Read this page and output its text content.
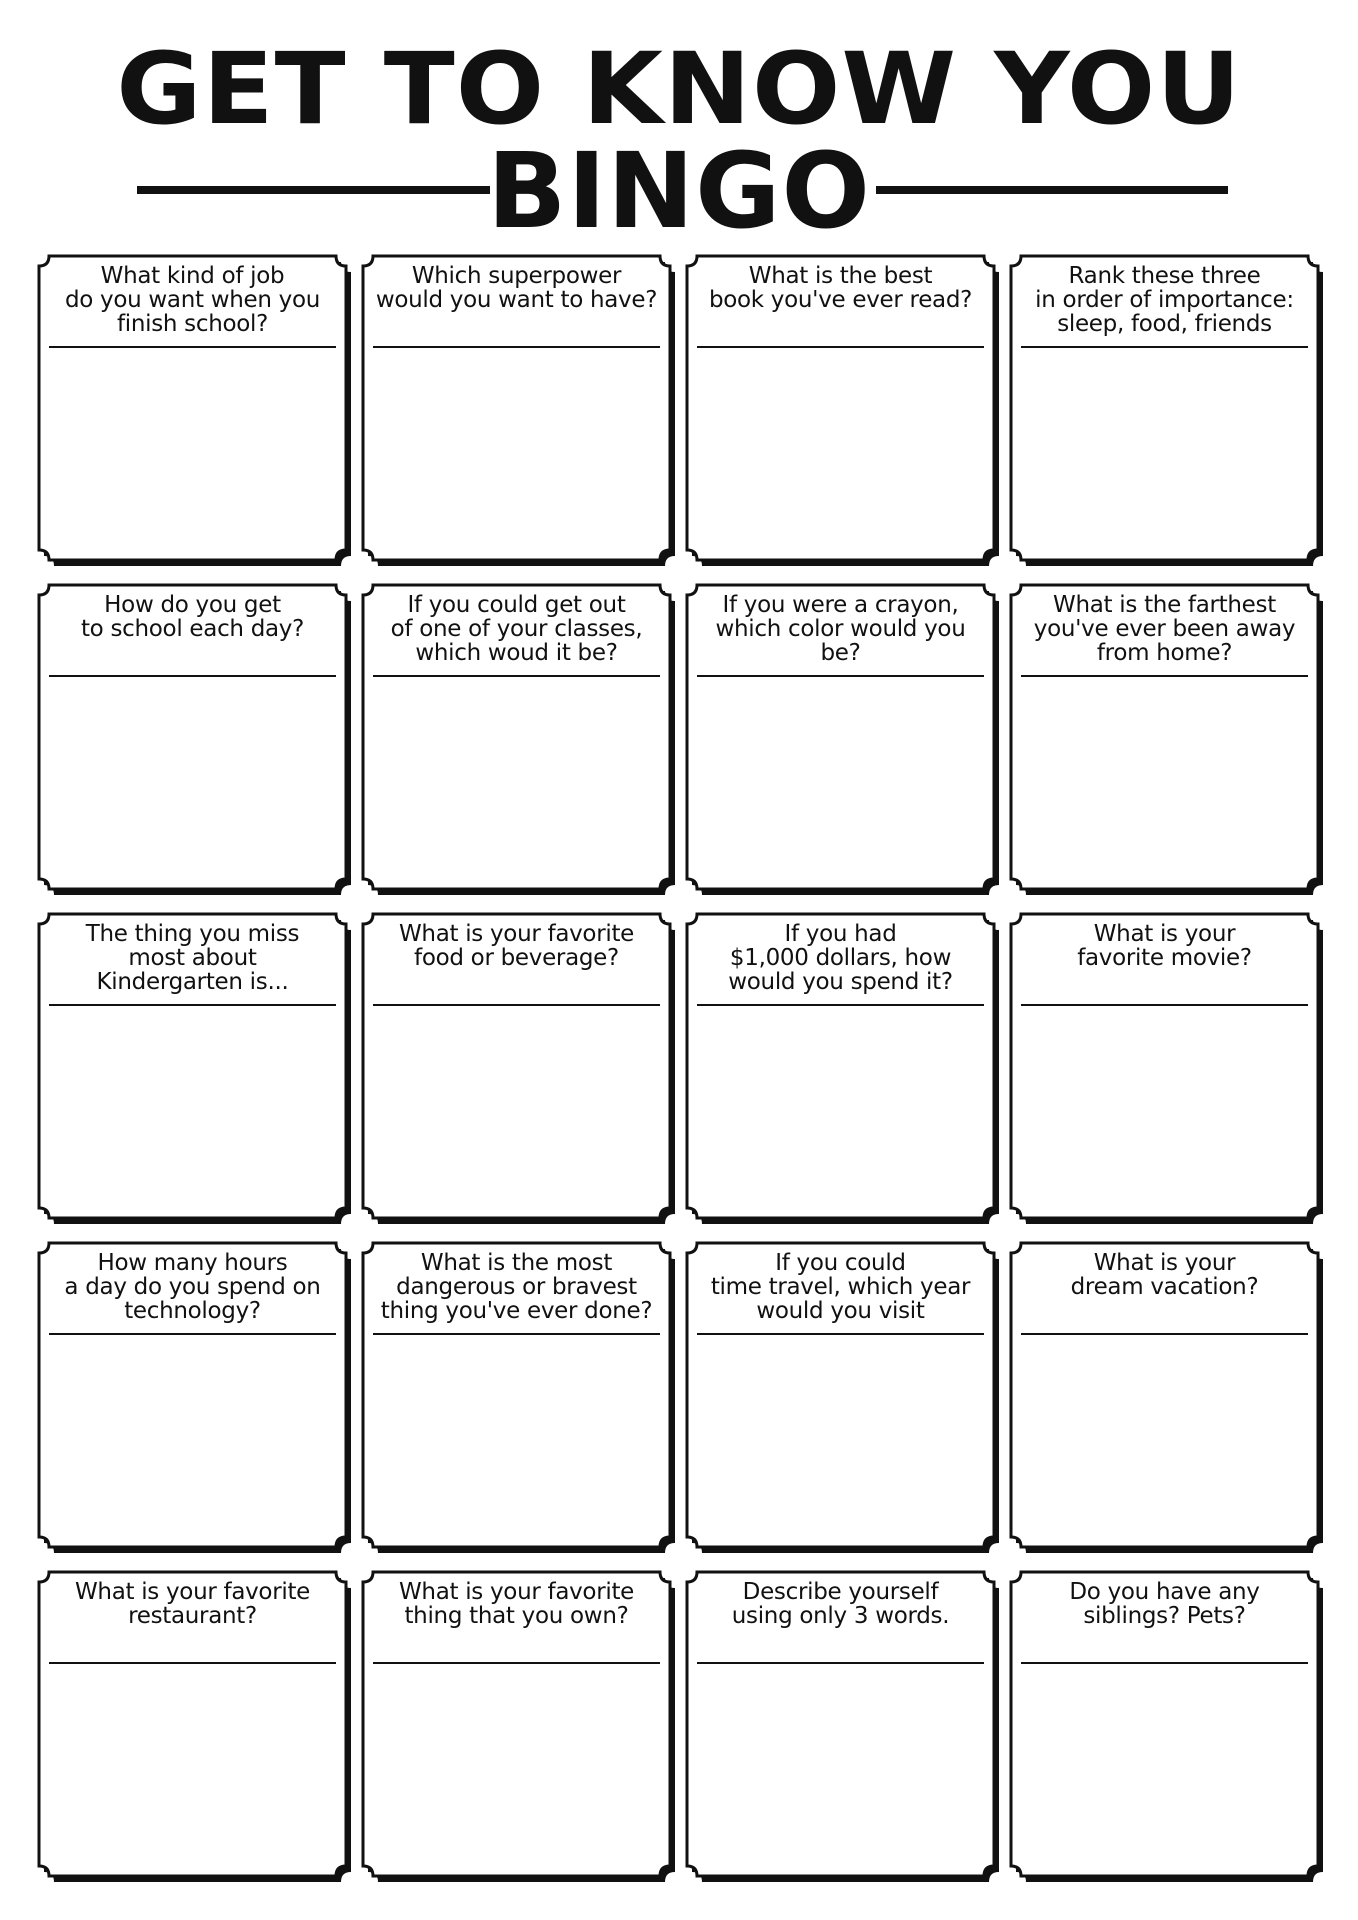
GET TO KNOW YOU
BINGO
What kind of job
do you want when you
finish school?
Which superpower
would you want to have?
What is the best
book you've ever read?
Rank these three
in order of importance:
sleep, food, friends
How do you get
to school each day?
If you could get out
of one of your classes,
which woud it be?
If you were a crayon,
which color would you
be?
What is the farthest
you've ever been away
from home?
The thing you miss
most about
Kindergarten is...
What is your favorite
food or beverage?
If you had
$1,000 dollars, how
would you spend it?
What is your
favorite movie?
How many hours
a day do you spend on
technology?
What is the most
dangerous or bravest
thing you've ever done?
If you could
time travel, which year
would you visit
What is your
dream vacation?
What is your favorite
restaurant?
What is your favorite
thing that you own?
Describe yourself
using only 3 words.
Do you have any
siblings? Pets?
